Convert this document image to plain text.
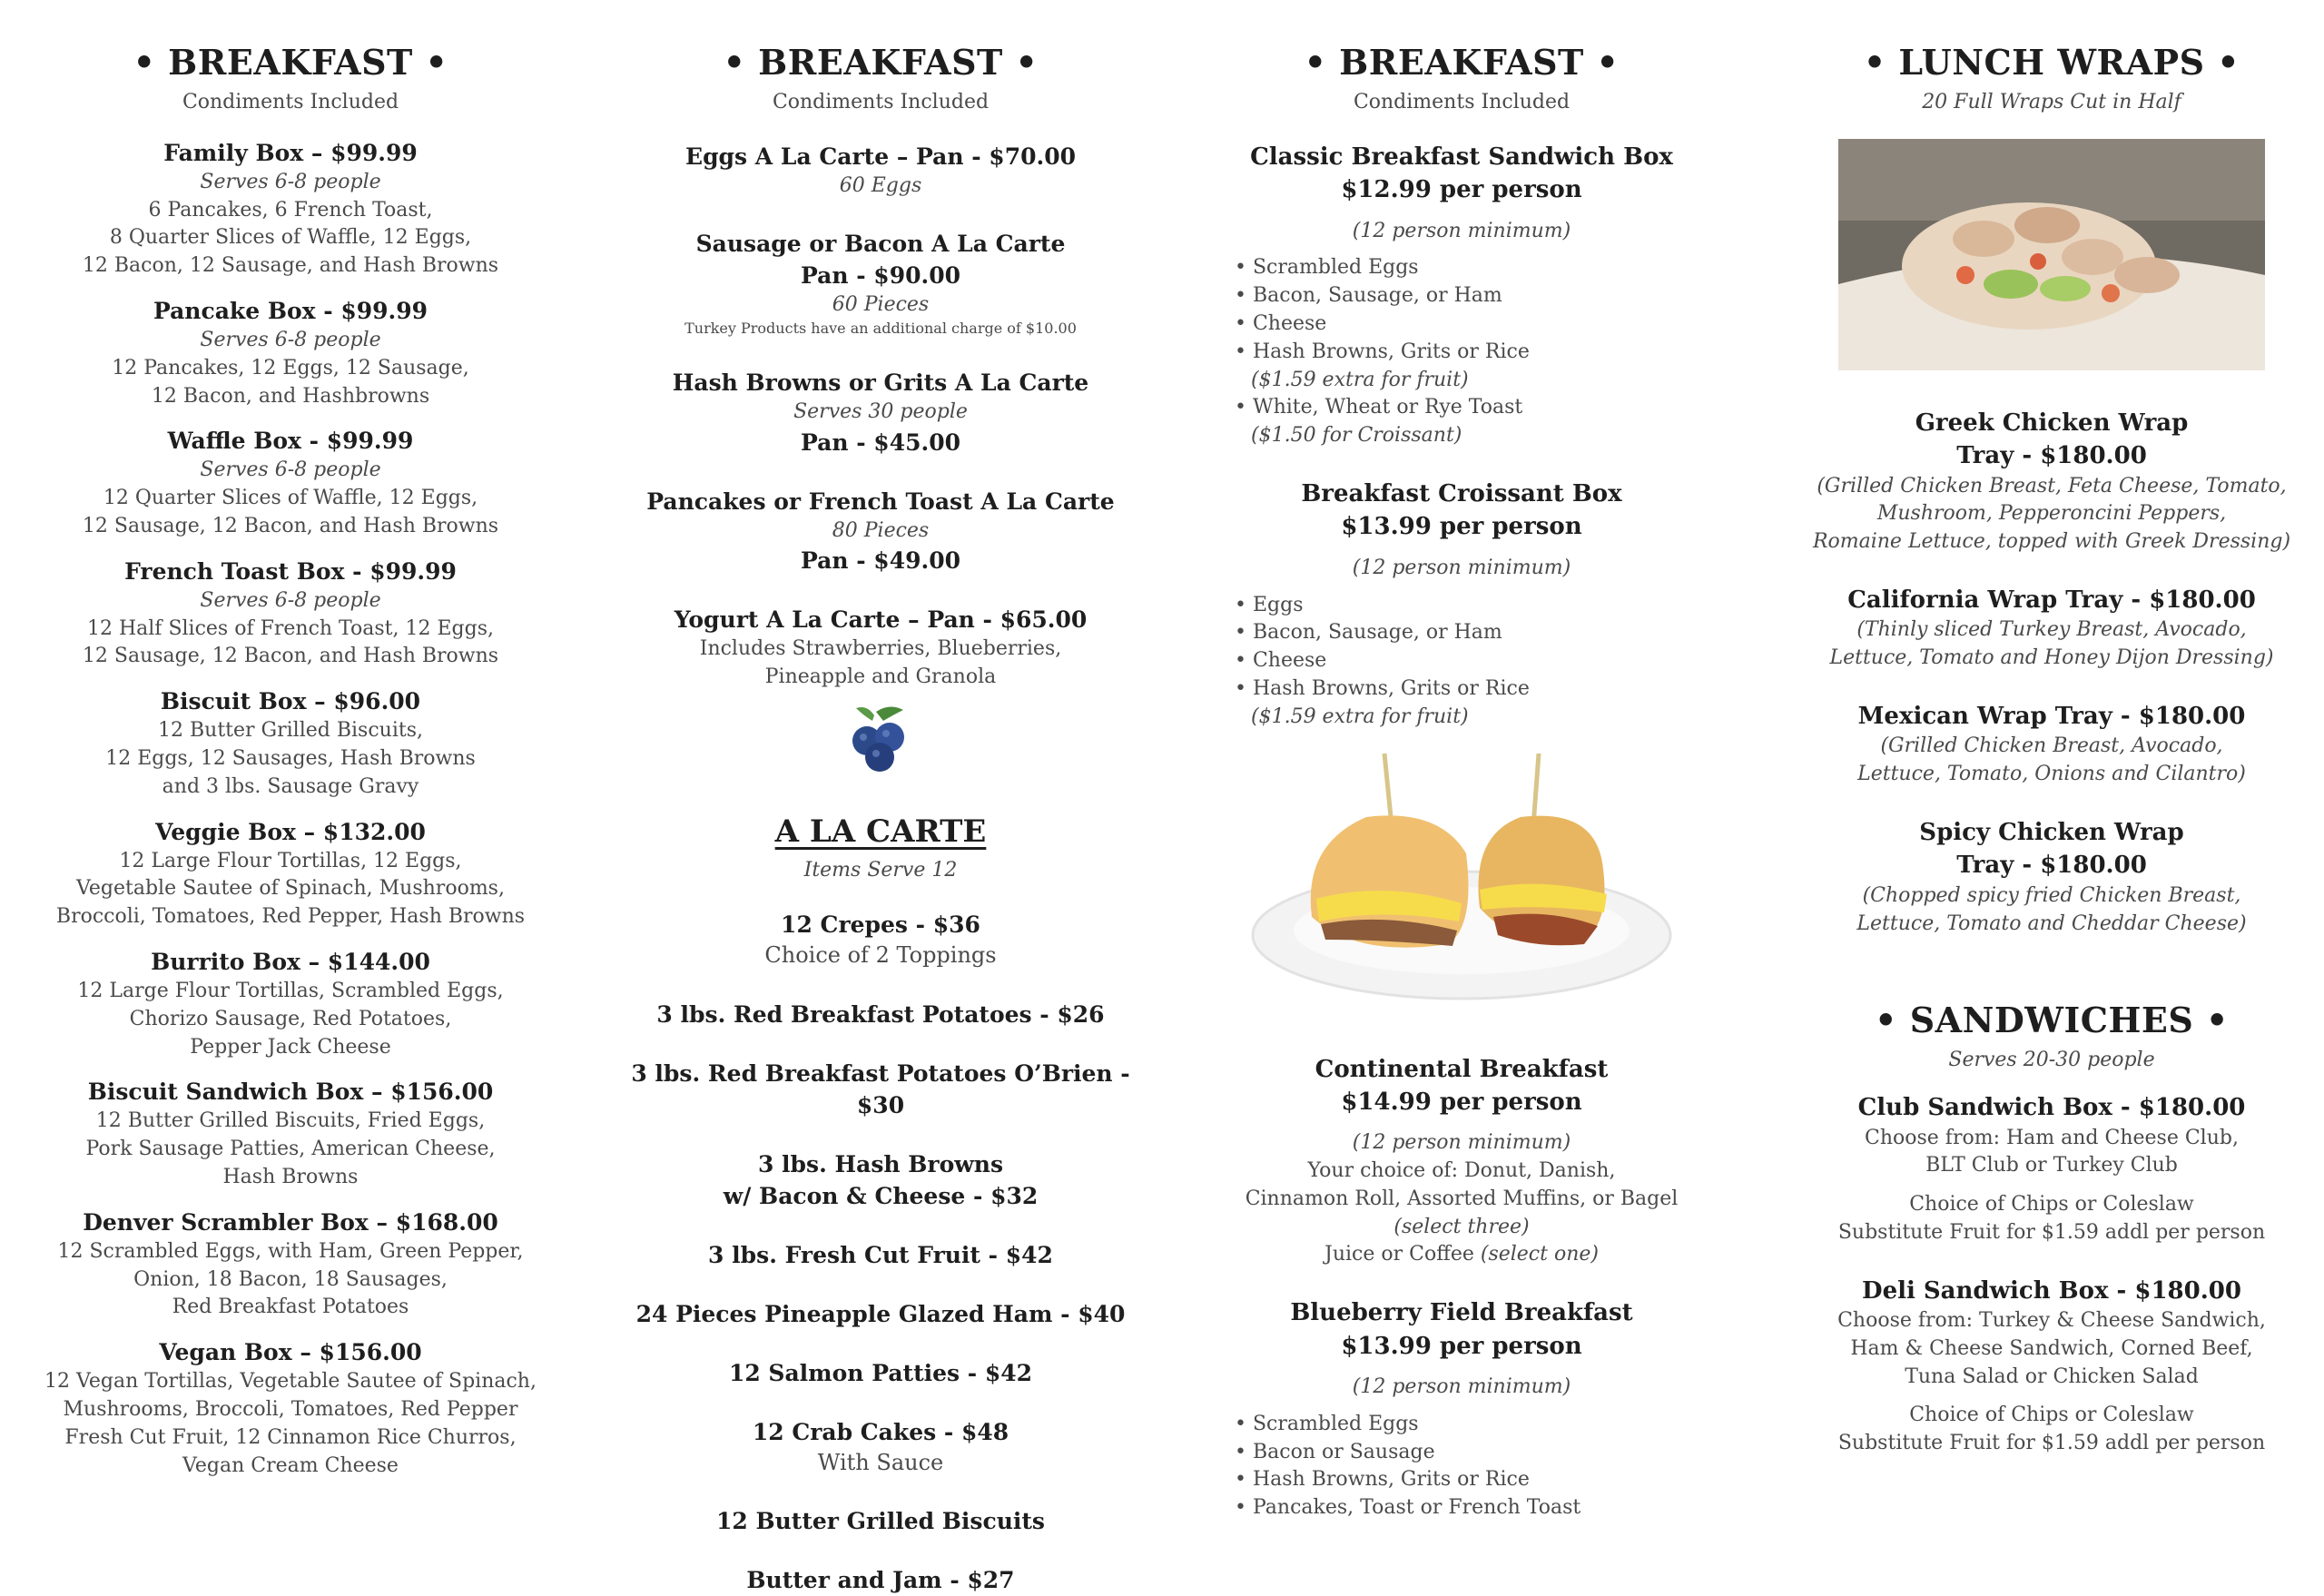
• BREAKFAST •
Condiments Included
Family Box – $99.99
Serves 6-8 people
6 Pancakes, 6 French Toast,
8 Quarter Slices of Waffle, 12 Eggs,
12 Bacon, 12 Sausage, and Hash Browns
Pancake Box - $99.99
Serves 6-8 people
12 Pancakes, 12 Eggs, 12 Sausage,
12 Bacon, and Hashbrowns
Waffle Box - $99.99
Serves 6-8 people
12 Quarter Slices of Waffle, 12 Eggs,
12 Sausage, 12 Bacon, and Hash Browns
French Toast Box - $99.99
Serves 6-8 people
12 Half Slices of French Toast, 12 Eggs,
12 Sausage, 12 Bacon, and Hash Browns
Biscuit Box – $96.00
12 Butter Grilled Biscuits,
12 Eggs, 12 Sausages, Hash Browns
and 3 lbs. Sausage Gravy
Veggie Box – $132.00
12 Large Flour Tortillas, 12 Eggs,
Vegetable Sautee of Spinach, Mushrooms,
Broccoli, Tomatoes, Red Pepper, Hash Browns
Burrito Box – $144.00
12 Large Flour Tortillas, Scrambled Eggs,
Chorizo Sausage, Red Potatoes,
Pepper Jack Cheese
Biscuit Sandwich Box – $156.00
12 Butter Grilled Biscuits, Fried Eggs,
Pork Sausage Patties, American Cheese,
Hash Browns
Denver Scrambler Box – $168.00
12 Scrambled Eggs, with Ham, Green Pepper,
Onion, 18 Bacon, 18 Sausages,
Red Breakfast Potatoes
Vegan Box – $156.00
12 Vegan Tortillas, Vegetable Sautee of Spinach,
Mushrooms, Broccoli, Tomatoes, Red Pepper
Fresh Cut Fruit, 12 Cinnamon Rice Churros,
Vegan Cream Cheese
• BREAKFAST •
Condiments Included
Eggs A La Carte – Pan - $70.00
60 Eggs
Sausage or Bacon A La Carte
Pan - $90.00
60 Pieces
Turkey Products have an additional charge of $10.00
Hash Browns or Grits A La Carte
Serves 30 people
Pan - $45.00
Pancakes or French Toast A La Carte
80 Pieces
Pan - $49.00
Yogurt A La Carte – Pan - $65.00
Includes Strawberries, Blueberries,
Pineapple and Granola
A LA CARTE
Items Serve 12
12 Crepes - $36
Choice of 2 Toppings
3 lbs. Red Breakfast Potatoes - $26
3 lbs. Red Breakfast Potatoes O’Brien - $30
3 lbs. Hash Browns
w/ Bacon & Cheese - $32
3 lbs. Fresh Cut Fruit - $42
24 Pieces Pineapple Glazed Ham - $40
12 Salmon Patties - $42
12 Crab Cakes - $48
With Sauce
12 Butter Grilled Biscuits
Butter and Jam - $27
• BREAKFAST •
Condiments Included
Classic Breakfast Sandwich Box
$12.99 per person
(12 person minimum)
• Scrambled Eggs
• Bacon, Sausage, or Ham
• Cheese
• Hash Browns, Grits or Rice
($1.59 extra for fruit)
• White, Wheat or Rye Toast
($1.50 for Croissant)
Breakfast Croissant Box
$13.99 per person
(12 person minimum)
• Eggs
• Bacon, Sausage, or Ham
• Cheese
• Hash Browns, Grits or Rice
($1.59 extra for fruit)
Continental Breakfast
$14.99 per person
(12 person minimum)
Your choice of: Donut, Danish,
Cinnamon Roll, Assorted Muffins, or Bagel
(select three)
Juice or Coffee (select one)
Blueberry Field Breakfast
$13.99 per person
(12 person minimum)
• Scrambled Eggs
• Bacon or Sausage
• Hash Browns, Grits or Rice
• Pancakes, Toast or French Toast
• LUNCH WRAPS •
20 Full Wraps Cut in Half
Greek Chicken Wrap
Tray - $180.00
(Grilled Chicken Breast, Feta Cheese, Tomato,
Mushroom, Pepperoncini Peppers,
Romaine Lettuce, topped with Greek Dressing)
California Wrap Tray - $180.00
(Thinly sliced Turkey Breast, Avocado,
Lettuce, Tomato and Honey Dijon Dressing)
Mexican Wrap Tray - $180.00
(Grilled Chicken Breast, Avocado,
Lettuce, Tomato, Onions and Cilantro)
Spicy Chicken Wrap
Tray - $180.00
(Chopped spicy fried Chicken Breast,
Lettuce, Tomato and Cheddar Cheese)
• SANDWICHES •
Serves 20-30 people
Club Sandwich Box - $180.00
Choose from: Ham and Cheese Club,
BLT Club or Turkey Club
Choice of Chips or Coleslaw
Substitute Fruit for $1.59 addl per person
Deli Sandwich Box - $180.00
Choose from: Turkey & Cheese Sandwich,
Ham & Cheese Sandwich, Corned Beef,
Tuna Salad or Chicken Salad
Choice of Chips or Coleslaw
Substitute Fruit for $1.59 addl per person
